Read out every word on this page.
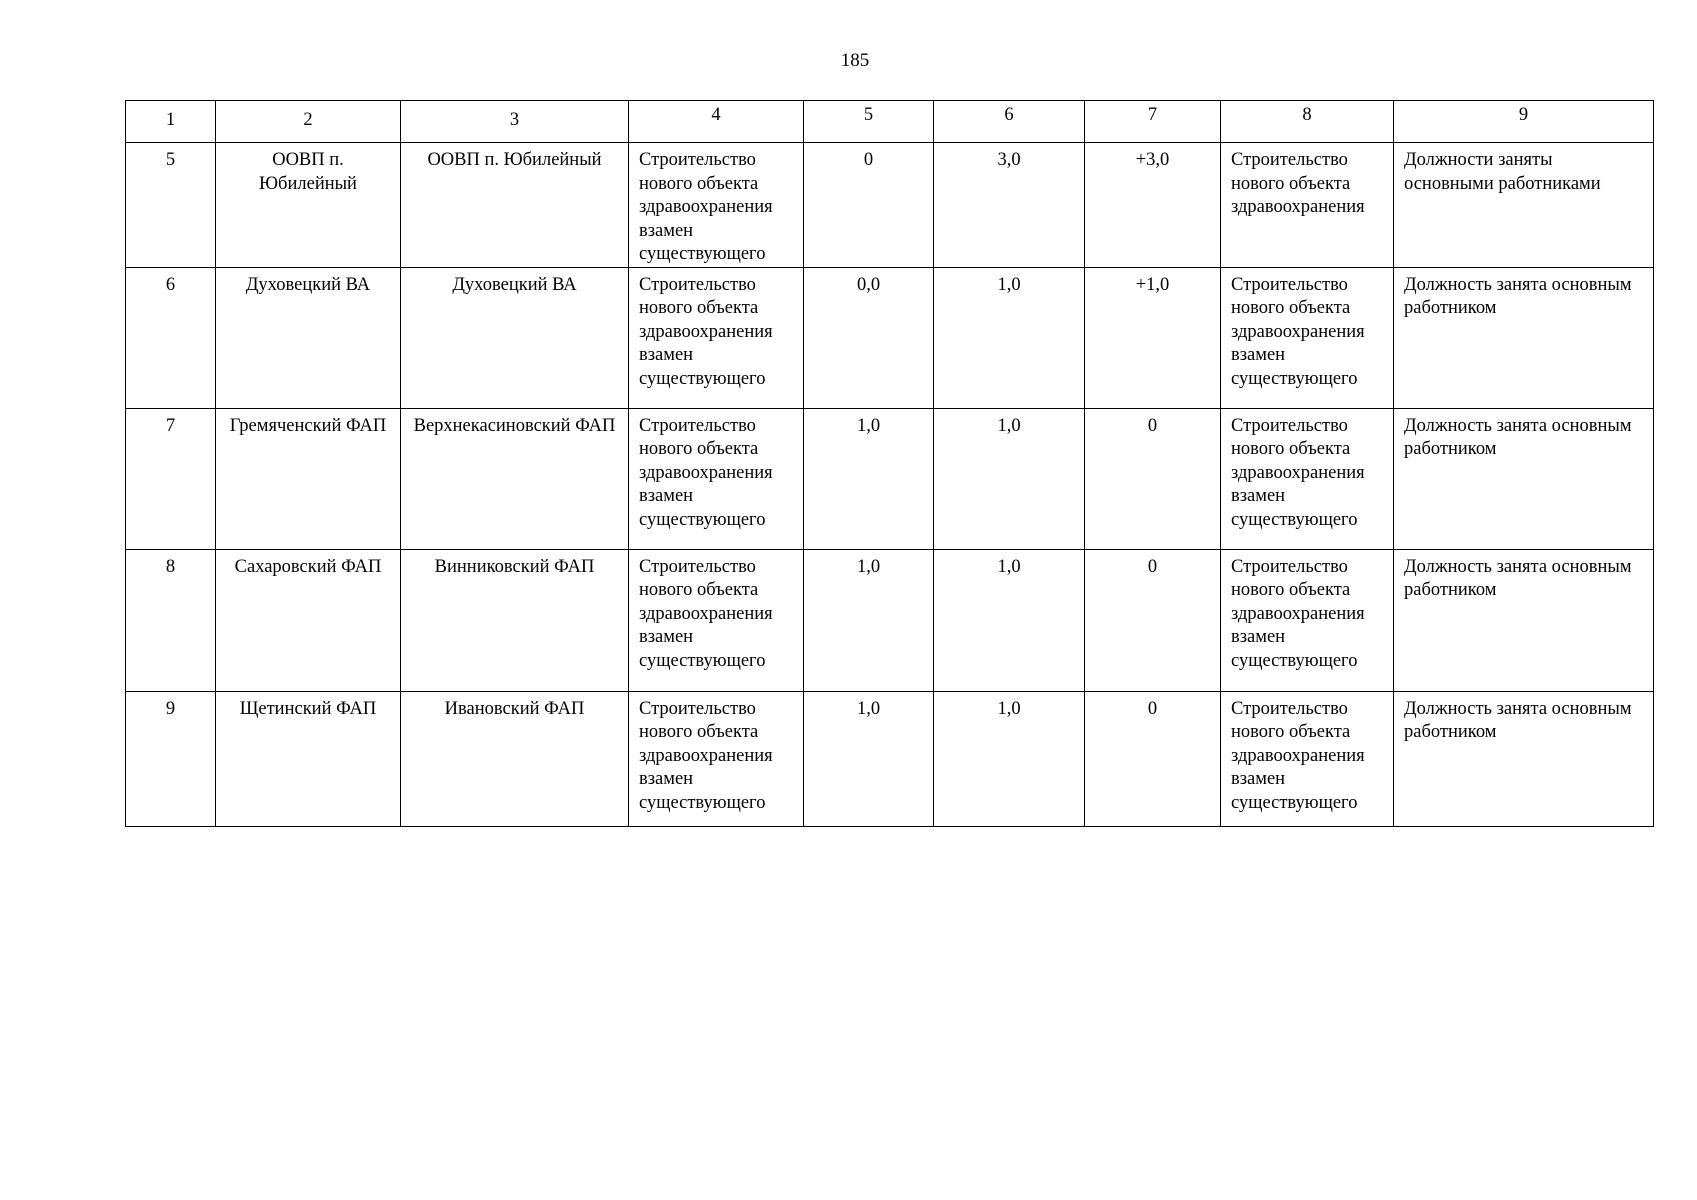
185
1	2	3	4	5	6	7	8	9
5	ООВП п. Юбилейный	ООВП п. Юбилейный	Строительство нового объекта здравоохранения взамен существующего	0	3,0	+3,0	Строительство нового объекта здравоохранения	Должности заняты основными работниками
6	Духовецкий ВА	Духовецкий ВА	Строительство нового объекта здравоохранения взамен существующего	0,0	1,0	+1,0	Строительство нового объекта здравоохранения взамен существующего	Должность занята основным работником
7	Гремяченский ФАП	Верхнекасиновский ФАП	Строительство нового объекта здравоохранения взамен существующего	1,0	1,0	0	Строительство нового объекта здравоохранения взамен существующего	Должность занята основным работником
8	Сахаровский ФАП	Винниковский ФАП	Строительство нового объекта здравоохранения взамен существующего	1,0	1,0	0	Строительство нового объекта здравоохранения взамен существующего	Должность занята основным работником
9	Щетинский ФАП	Ивановский ФАП	Строительство нового объекта здравоохранения взамен существующего	1,0	1,0	0	Строительство нового объекта здравоохранения взамен существующего	Должность занята основным работником
